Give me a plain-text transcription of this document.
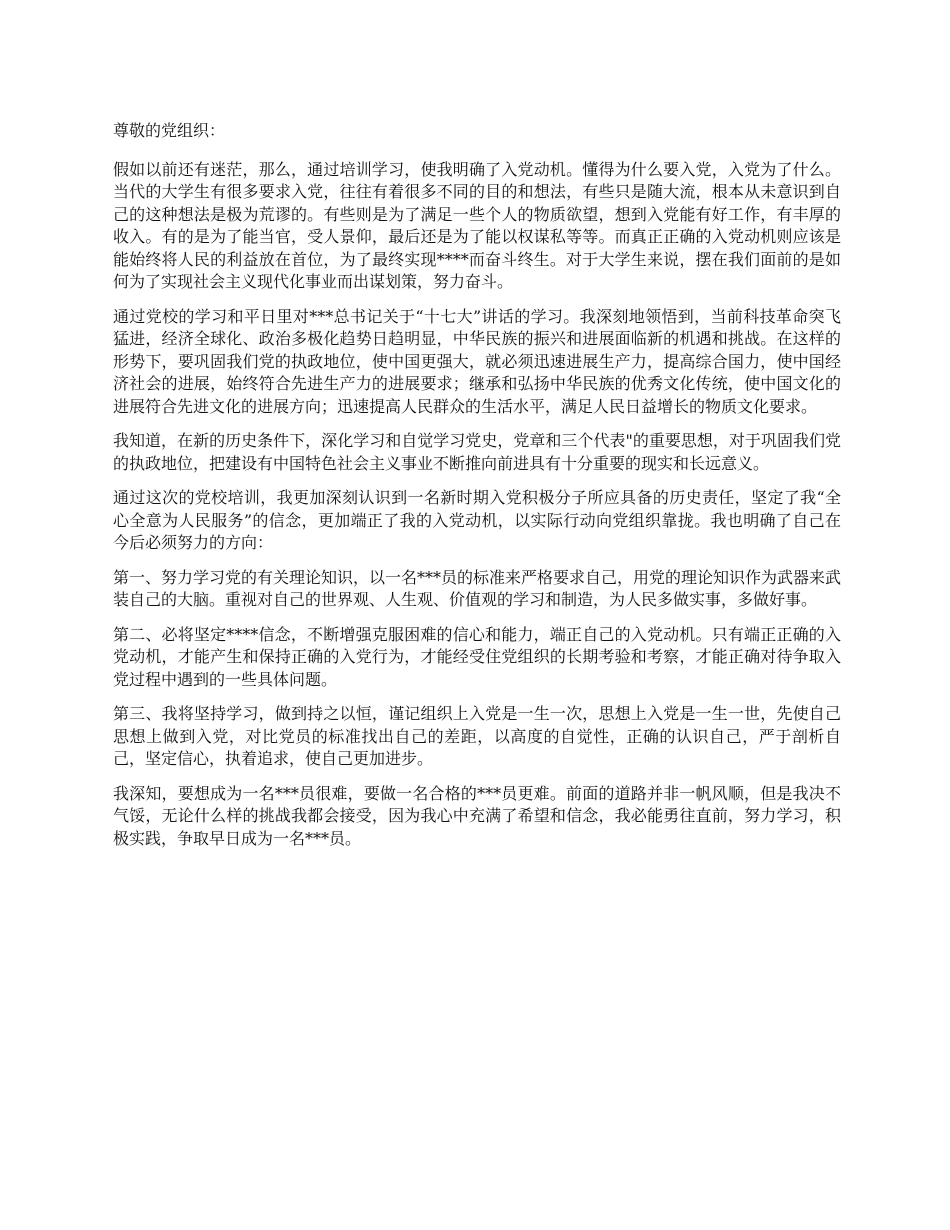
尊敬的党组织：

假如以前还有迷茫，那么，通过培训学习，使我明确了入党动机。懂得为什么要入党，入党为了什么。当代的大学生有很多要求入党，往往有着很多不同的目的和想法，有些只是随大流，根本从未意识到自己的这种想法是极为荒谬的。有些则是为了满足一些个人的物质欲望，想到入党能有好工作，有丰厚的收入。有的是为了能当官，受人景仰，最后还是为了能以权谋私等等。而真正正确的入党动机则应该是能始终将人民的利益放在首位，为了最终实现****而奋斗终生。对于大学生来说，摆在我们面前的是如何为了实现社会主义现代化事业而出谋划策，努力奋斗。

通过党校的学习和平日里对***总书记关于“十七大”讲话的学习。我深刻地领悟到，当前科技革命突飞猛进，经济全球化、政治多极化趋势日趋明显，中华民族的振兴和进展面临新的机遇和挑战。在这样的形势下，要巩固我们党的执政地位，使中国更强大，就必须迅速进展生产力，提高综合国力，使中国经济社会的进展，始终符合先进生产力的进展要求；继承和弘扬中华民族的优秀文化传统，使中国文化的进展符合先进文化的进展方向；迅速提高人民群众的生活水平，满足人民日益增长的物质文化要求。

我知道，在新的历史条件下，深化学习和自觉学习党史，党章和三个代表"的重要思想，对于巩固我们党的执政地位，把建设有中国特色社会主义事业不断推向前进具有十分重要的现实和长远意义。

通过这次的党校培训，我更加深刻认识到一名新时期入党积极分子所应具备的历史责任，坚定了我“全心全意为人民服务”的信念，更加端正了我的入党动机，以实际行动向党组织靠拢。我也明确了自己在今后必须努力的方向：

第一、努力学习党的有关理论知识，以一名***员的标准来严格要求自己，用党的理论知识作为武器来武装自己的大脑。重视对自己的世界观、人生观、价值观的学习和制造，为人民多做实事，多做好事。

第二、必将坚定****信念，不断增强克服困难的信心和能力，端正自己的入党动机。只有端正正确的入党动机，才能产生和保持正确的入党行为，才能经受住党组织的长期考验和考察，才能正确对待争取入党过程中遇到的一些具体问题。

第三、我将坚持学习，做到持之以恒，谨记组织上入党是一生一次，思想上入党是一生一世，先使自己思想上做到入党，对比党员的标准找出自己的差距，以高度的自觉性，正确的认识自己，严于剖析自己，坚定信心，执着追求，使自己更加进步。

我深知，要想成为一名***员很难，要做一名合格的***员更难。前面的道路并非一帆风顺，但是我决不气馁，无论什么样的挑战我都会接受，因为我心中充满了希望和信念，我必能勇往直前，努力学习，积极实践，争取早日成为一名***员。
